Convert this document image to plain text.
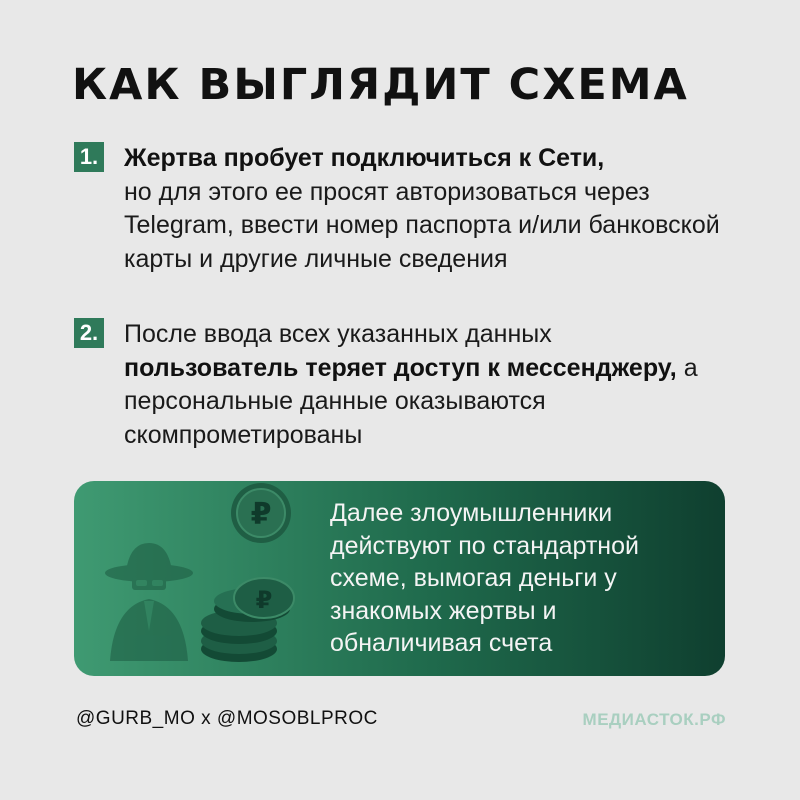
КАК ВЫГЛЯДИТ СХЕМА
1. Жертва пробует подключиться к Сети,
но для этого ее просят авторизоваться через Telegram, ввести номер паспорта и/или банковской карты и другие личные сведения
2. После ввода всех указанных данных
пользователь теряет доступ к мессенджеру, а персональные данные оказываются скомпрометированы
₽
₽
Далее злоумышленники действуют по стандартной схеме, вымогая деньги у знакомых жертвы и обналичивая счета
@GURB_MO x @MOSOBLPROC	МЕДИАСТОК.РФ
